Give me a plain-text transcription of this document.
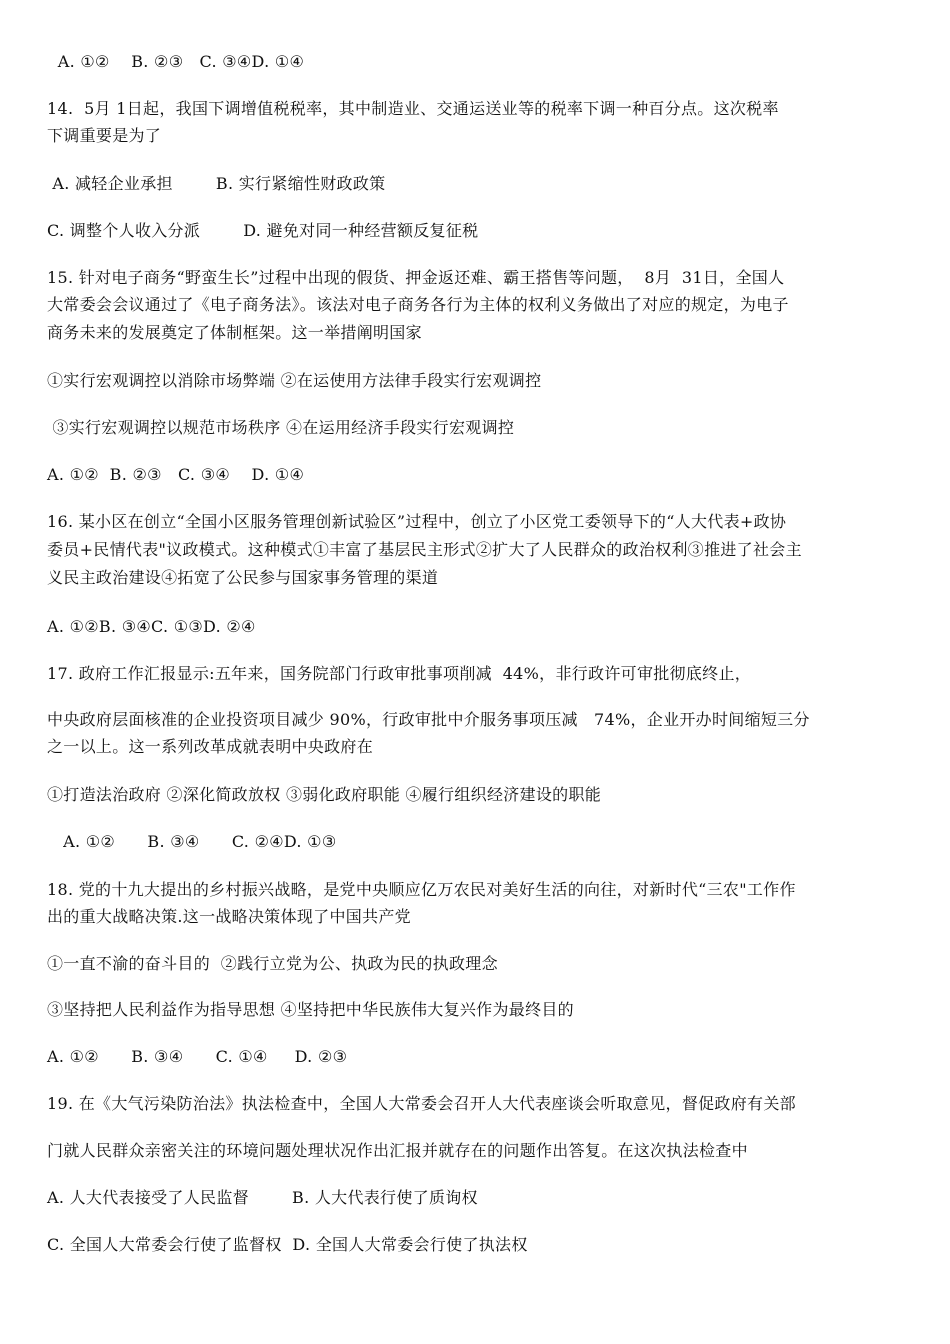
A. ①②    B. ②③   C. ③④D. ①④
14.  5月 1日起，我国下调增值税税率，其中制造业、交通运送业等的税率下调一种百分点。这次税率
下调重要是为了
A. 减轻企业承担        B. 实行紧缩性财政政策
C. 调整个人收入分派        D. 避免对同一种经营额反复征税
15. 针对电子商务“野蛮生长”过程中出现的假货、押金返还难、霸王搭售等问题，  8月  31日，全国人
大常委会会议通过了《电子商务法》。该法对电子商务各行为主体的权利义务做出了对应的规定，为电子
商务未来的发展奠定了体制框架。这一举措阐明国家
①实行宏观调控以消除市场弊端 ②在运使用方法律手段实行宏观调控
③实行宏观调控以规范市场秩序 ④在运用经济手段实行宏观调控
A. ①②  B. ②③   C. ③④    D. ①④
16. 某小区在创立“全国小区服务管理创新试验区”过程中，创立了小区党工委领导下的“人大代表+政协
委员+民情代表"议政模式。这种模式①丰富了基层民主形式②扩大了人民群众的政治权利③推进了社会主
义民主政治建设④拓宽了公民参与国家事务管理的渠道
A. ①②B. ③④C. ①③D. ②④
17. 政府工作汇报显示:五年来，国务院部门行政审批事项削减  44%，非行政许可审批彻底终止，
中央政府层面核准的企业投资项目减少 90%，行政审批中介服务事项压减   74%，企业开办时间缩短三分
之一以上。这一系列改革成就表明中央政府在
①打造法治政府 ②深化简政放权 ③弱化政府职能 ④履行组织经济建设的职能
A. ①②      B. ③④      C. ②④D. ①③
18. 党的十九大提出的乡村振兴战略，是党中央顺应亿万农民对美好生活的向往，对新时代“三农"工作作
出的重大战略决策.这一战略决策体现了中国共产党
①一直不渝的奋斗目的  ②践行立党为公、执政为民的执政理念
③坚持把人民利益作为指导思想 ④坚持把中华民族伟大复兴作为最终目的
A. ①②      B. ③④      C. ①④     D. ②③
19. 在《大气污染防治法》执法检查中，全国人大常委会召开人大代表座谈会听取意见，督促政府有关部
门就人民群众亲密关注的环境问题处理状况作出汇报并就存在的问题作出答复。在这次执法检查中
A. 人大代表接受了人民监督        B. 人大代表行使了质询权
C. 全国人大常委会行使了监督权  D. 全国人大常委会行使了执法权
